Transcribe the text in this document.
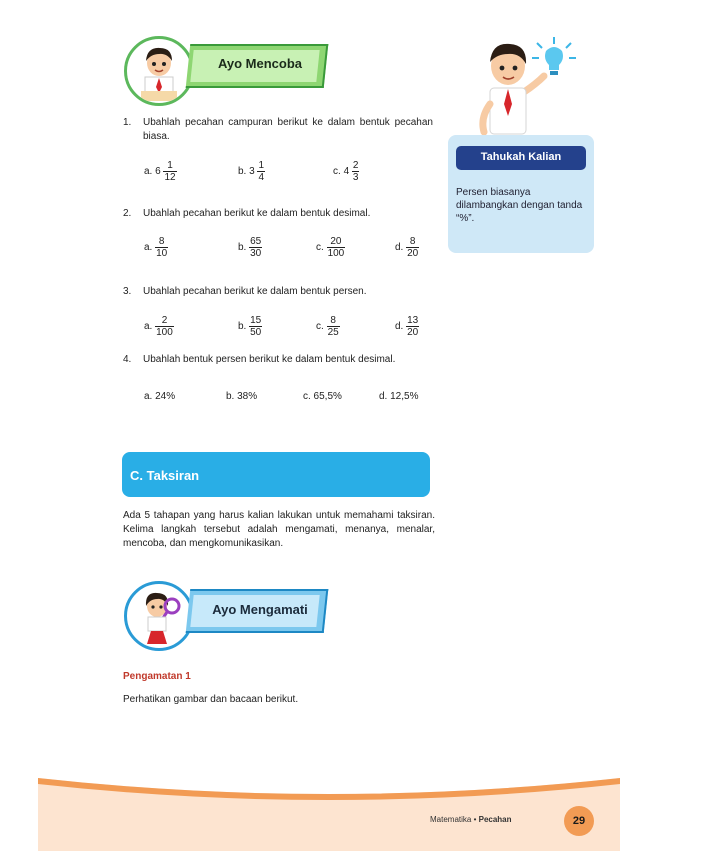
Ayo Mencoba
1. Ubahlah pecahan campuran berikut ke dalam bentuk pecahan biasa.
a. $6 \frac{1}{12}$	b. $3 \frac{1}{4}$	c. $4 \frac{2}{3}$
2. Ubahlah pecahan berikut ke dalam bentuk desimal.
a. $\frac{8}{10}$	b. $\frac{65}{30}$	c. $\frac{20}{100}$	d. $\frac{8}{20}$
3. Ubahlah pecahan berikut ke dalam bentuk persen.
a. $\frac{2}{100}$	b. $\frac{15}{50}$	c. $\frac{8}{25}$	d. $\frac{13}{20}$
4. Ubahlah bentuk persen berikut ke dalam bentuk desimal.
a. 24%	b. 38%	c. 65,5%	d. 12,5%
Tahukah Kalian
Persen biasanya dilambangkan dengan tanda “%”.
C. Taksiran
Ada 5 tahapan yang harus kalian lakukan untuk memahami taksiran. Kelima langkah tersebut adalah mengamati, menanya, menalar, mencoba, dan mengkomunikasikan.
Ayo Mengamati
Pengamatan 1
Perhatikan gambar dan bacaan berikut.
Matematika • Pecahan	29
